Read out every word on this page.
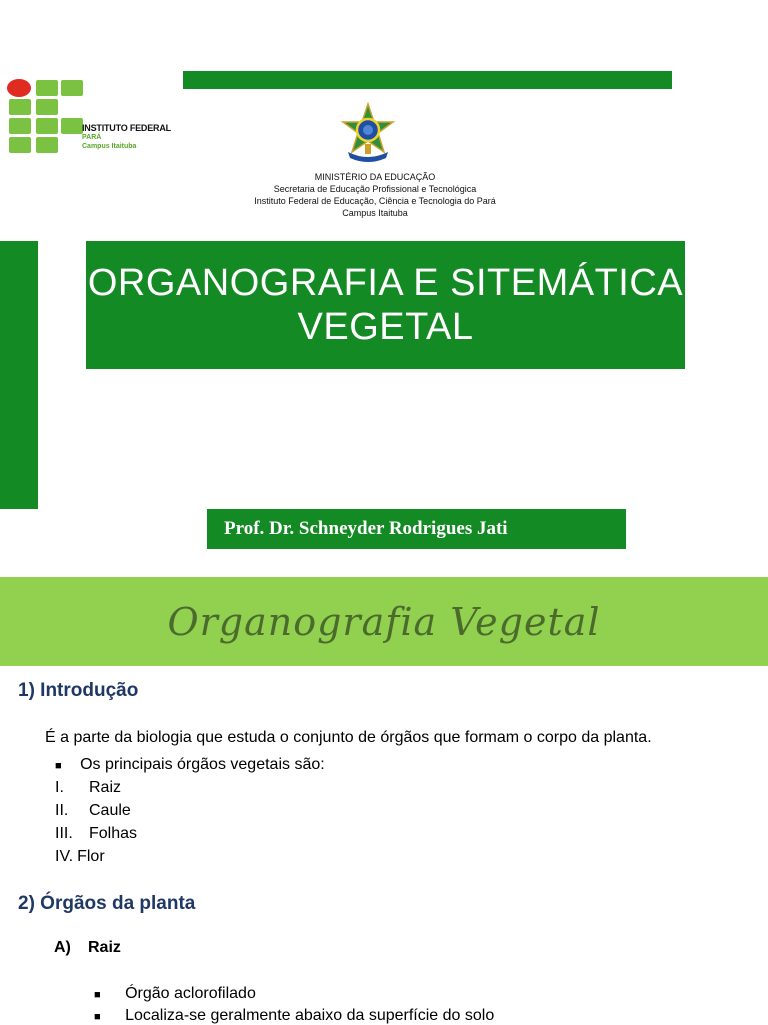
INSTITUTO FEDERAL
PARÁ
Campus Itaituba
MINISTÉRIO DA EDUCAÇÃO
Secretaria de Educação Profissional e Tecnológica
Instituto Federal de Educação, Ciência e Tecnologia do Pará
Campus Itaituba
ORGANOGRAFIA E SITEMÁTICA
VEGETAL
Prof. Dr. Schneyder Rodrigues Jati
Organografia Vegetal
1) Introdução
É a parte da biologia que estuda o conjunto de órgãos que formam o corpo da planta.
■ Os principais órgãos vegetais são:
I. Raiz
II. Caule
III. Folhas
IV. Flor
2) Órgãos da planta
A) Raiz
■ Órgão aclorofilado
■ Localiza-se geralmente abaixo da superfície do solo
